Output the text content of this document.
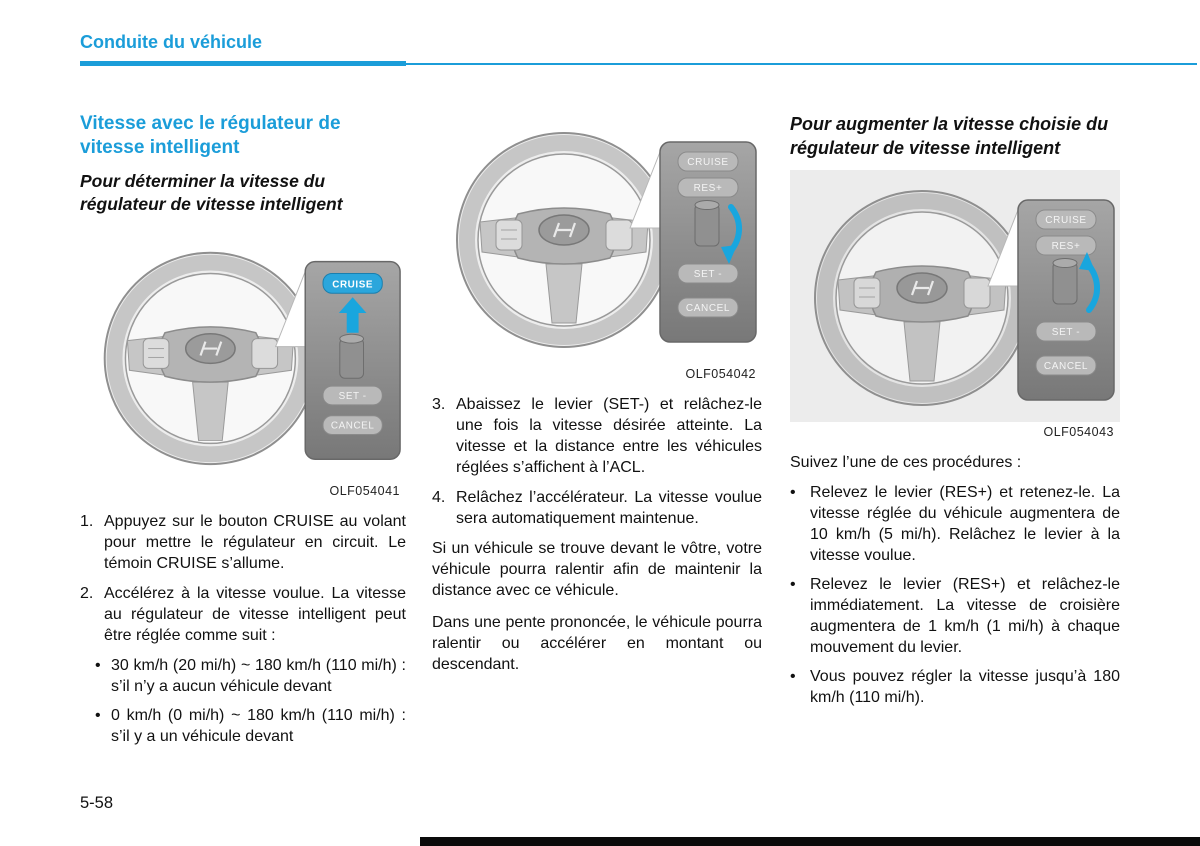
Conduite du véhicule
Vitesse avec le régulateur de vitesse intelligent
Pour déterminer la vitesse du régulateur de vitesse intelligent
CRUISE
SET -
CANCEL
OLF054041
1. Appuyez sur le bouton CRUISE au volant pour mettre le régulateur en circuit. Le témoin CRUISE s’allume.
2. Accélérez à la vitesse voulue. La vitesse au régulateur de vitesse intelligent peut être réglée comme suit :
• 30 km/h (20 mi/h) ~ 180 km/h (110 mi/h) : s’il n’y a aucun véhicule devant
• 0 km/h (0 mi/h) ~ 180 km/h (110 mi/h) : s’il y a un véhicule devant
CRUISE
RES+
SET -
CANCEL
OLF054042
3. Abaissez le levier (SET-) et relâchez-le une fois la vitesse désirée atteinte. La vitesse et la distance entre les véhicules réglées s’affichent à l’ACL.
4. Relâchez l’accélérateur. La vitesse voulue sera automatiquement maintenue.
Si un véhicule se trouve devant le vôtre, votre véhicule pourra ralentir afin de maintenir la distance avec ce véhicule.
Dans une pente prononcée, le véhicule pourra ralentir ou accélérer en montant ou descendant.
Pour augmenter la vitesse choisie du régulateur de vitesse intelligent
CRUISE
RES+
SET -
CANCEL
OLF054043
Suivez l’une de ces procédures :
• Relevez le levier (RES+) et retenez-le. La vitesse réglée du véhicule augmentera de 10 km/h (5 mi/h). Relâchez le levier à la vitesse voulue.
• Relevez le levier (RES+) et relâchez-le immédiatement. La vitesse de croisière augmentera de 1 km/h (1 mi/h) à chaque mouvement du levier.
• Vous pouvez régler la vitesse jusqu’à 180 km/h (110 mi/h).
5-58
